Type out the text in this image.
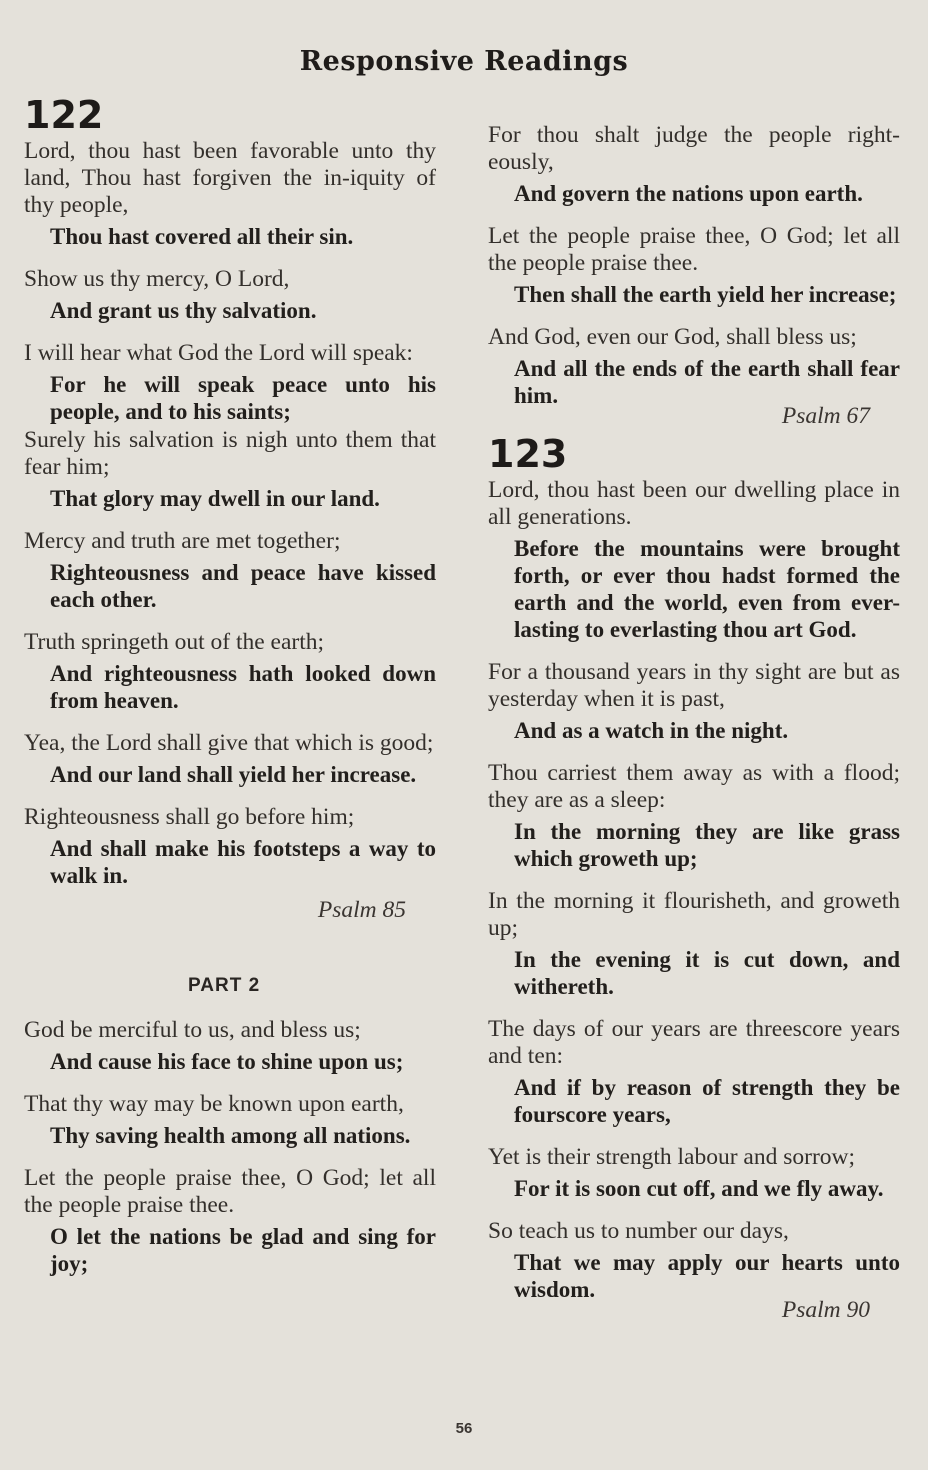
Responsive Readings
122

Lord, thou hast been favorable unto thy land, Thou hast forgiven the in-iquity of thy people,

Thou hast covered all their sin.

Show us thy mercy, O Lord,

And grant us thy salvation.

I will hear what God the Lord will speak:

For he will speak peace unto his people, and to his saints;

Surely his salvation is nigh unto them that fear him;

That glory may dwell in our land.

Mercy and truth are met together;

Righteousness and peace have kissed each other.

Truth springeth out of the earth;

And righteousness hath looked down from heaven.

Yea, the Lord shall give that which is good;

And our land shall yield her increase.

Righteousness shall go before him;

And shall make his footsteps a way to walk in.

Psalm 85
PART 2

God be merciful to us, and bless us;

And cause his face to shine upon us;

That thy way may be known upon earth,

Thy saving health among all nations.

Let the people praise thee, O God; let all the people praise thee.

O let the nations be glad and sing for joy;

For thou shalt judge the people right-eously,

And govern the nations upon earth.

Let the people praise thee, O God; let all the people praise thee.

Then shall the earth yield her increase;

And God, even our God, shall bless us;

And all the ends of the earth shall fear him.

Psalm 67
123

Lord, thou hast been our dwelling place in all generations.

Before the mountains were brought forth, or ever thou hadst formed the earth and the world, even from ever-lasting to everlasting thou art God.

For a thousand years in thy sight are but as yesterday when it is past,

And as a watch in the night.

Thou carriest them away as with a flood; they are as a sleep:

In the morning they are like grass which groweth up;

In the morning it flourisheth, and groweth up;

In the evening it is cut down, and withereth.

The days of our years are threescore years and ten:

And if by reason of strength they be fourscore years,

Yet is their strength labour and sorrow;

For it is soon cut off, and we fly away.

So teach us to number our days,

That we may apply our hearts unto wisdom.

Psalm 90
56
